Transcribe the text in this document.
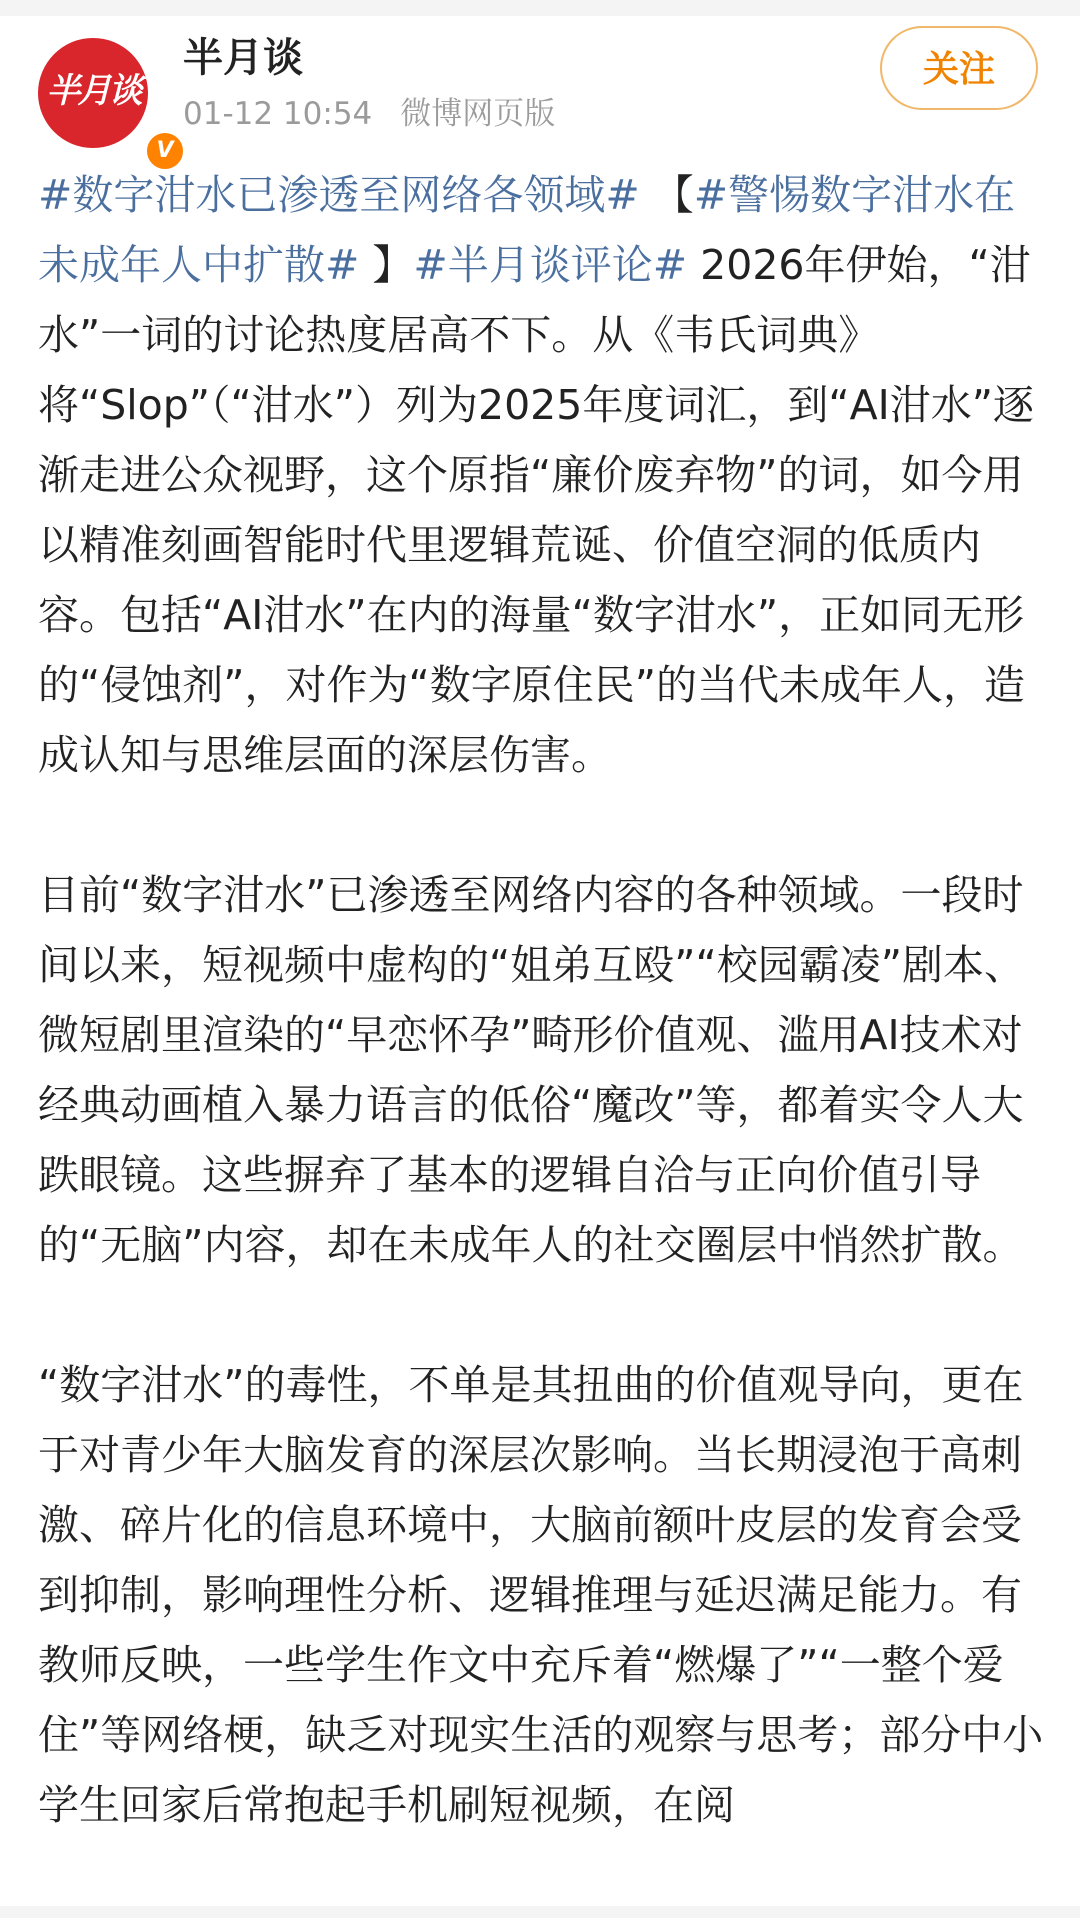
半月谈
V
半月谈
01-12 10:54 微博网页版
关注

#数字泔水已渗透至网络各领域# 【#警惕数字泔水在未成年人中扩散# 】#半月谈评论# 2026年伊始，“泔水”一词的讨论热度居高不下。从《韦氏词典》将“Slop”（“泔水”）列为2025年度词汇，到“AI泔水”逐渐走进公众视野，这个原指“廉价废弃物”的词，如今用以精准刻画智能时代里逻辑荒诞、价值空洞的低质内容。包括“AI泔水”在内的海量“数字泔水”，正如同无形的“侵蚀剂”，对作为“数字原住民”的当代未成年人，造成认知与思维层面的深层伤害。

目前“数字泔水”已渗透至网络内容的各种领域。一段时间以来，短视频中虚构的“姐弟互殴”“校园霸凌”剧本、微短剧里渲染的“早恋怀孕”畸形价值观、滥用AI技术对经典动画植入暴力语言的低俗“魔改”等，都着实令人大跌眼镜。这些摒弃了基本的逻辑自洽与正向价值引导的“无脑”内容，却在未成年人的社交圈层中悄然扩散。

“数字泔水”的毒性，不单是其扭曲的价值观导向，更在于对青少年大脑发育的深层次影响。当长期浸泡于高刺激、碎片化的信息环境中，大脑前额叶皮层的发育会受到抑制，影响理性分析、逻辑推理与延迟满足能力。有教师反映，一些学生作文中充斥着“燃爆了”“一整个爱住”等网络梗，缺乏对现实生活的观察与思考；部分中小学生回家后常抱起手机刷短视频，在阅
